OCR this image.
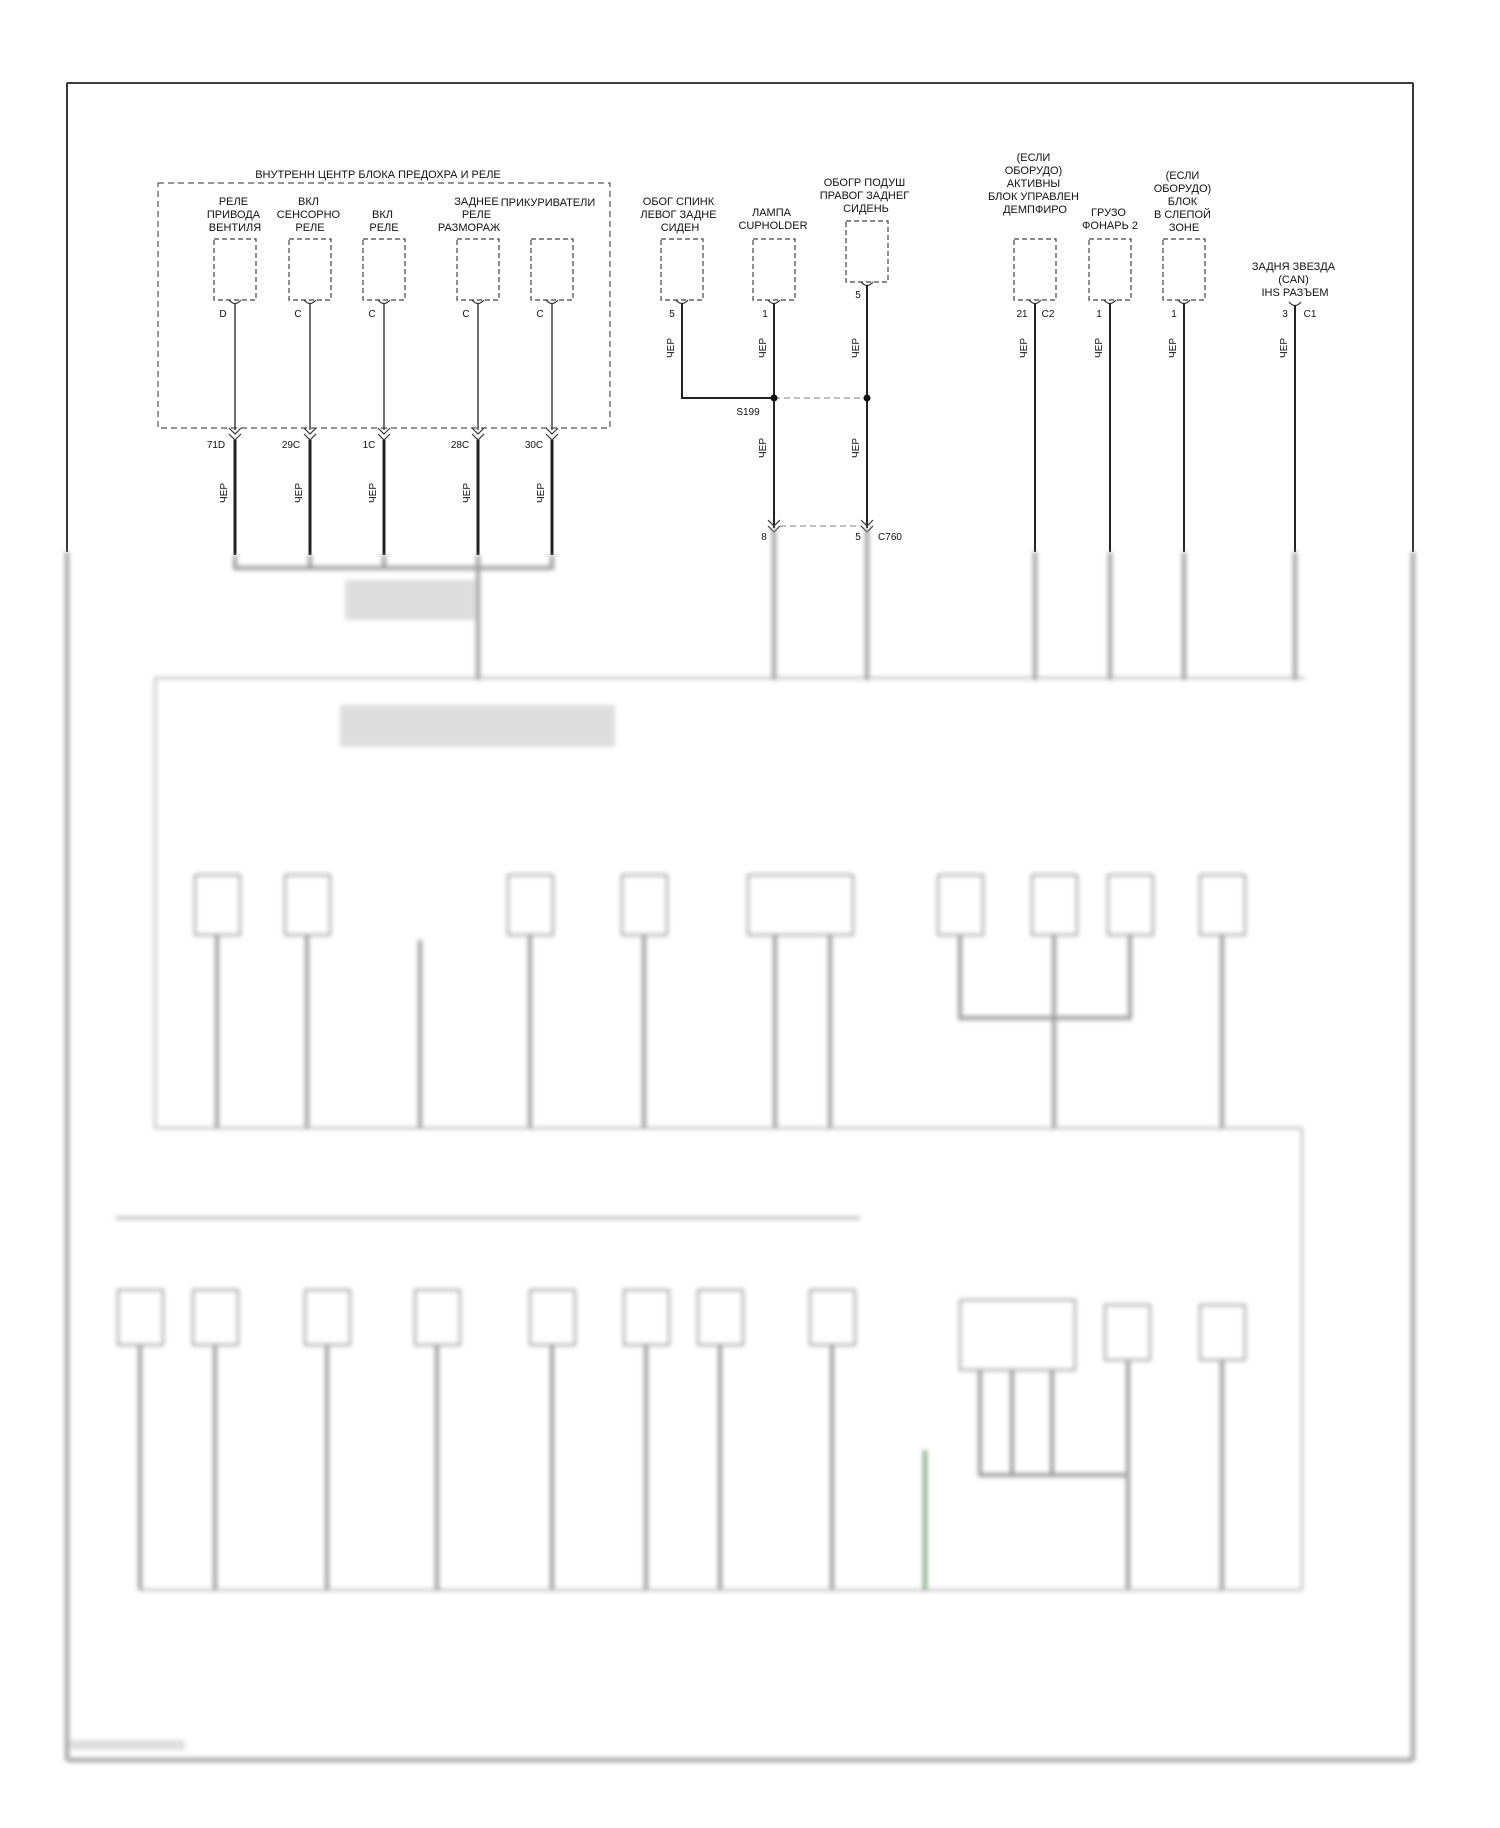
ВНУТРЕНН ЦЕНТР БЛОКА ПРЕДОХРА И РЕЛЕ
РЕЛЕ ПРИВОДА ВЕНТИЛЯ
D
71D
ЧЕР
ВКЛ СЕНСОРНО РЕЛЕ
C
29C
ЧЕР
ВКЛ РЕЛЕ
C
1C
ЧЕР
ЗАДНЕЕ РЕЛЕ РАЗМОРАЖ
C
28C
ЧЕР
ПРИКУРИВАТЕЛИ
C
30C
ЧЕР
ОБОГ СПИНК ЛЕВОГ ЗАДНЕ СИДЕН
5
ЧЕР
ЛАМПА CUPHOLDER
1
ЧЕР
ЧЕР
ОБОГР ПОДУШ ПРАВОГ ЗАДНЕГ СИДЕНЬ
5
ЧЕР
ЧЕР
S199
8	5 C760
(ЕСЛИ ОБОРУДО) АКТИВНЫ БЛОК УПРАВЛЕН ДЕМПФИРО
21 C2
ЧЕР
ГРУЗО ФОНАРЬ 2
1
ЧЕР
(ЕСЛИ ОБОРУДО) БЛОК В СЛЕПОЙ ЗОНЕ
1
ЧЕР
ЗАДНЯ ЗВЕЗДА (CAN) IHS РАЗЪЕМ
3 C1
ЧЕР
